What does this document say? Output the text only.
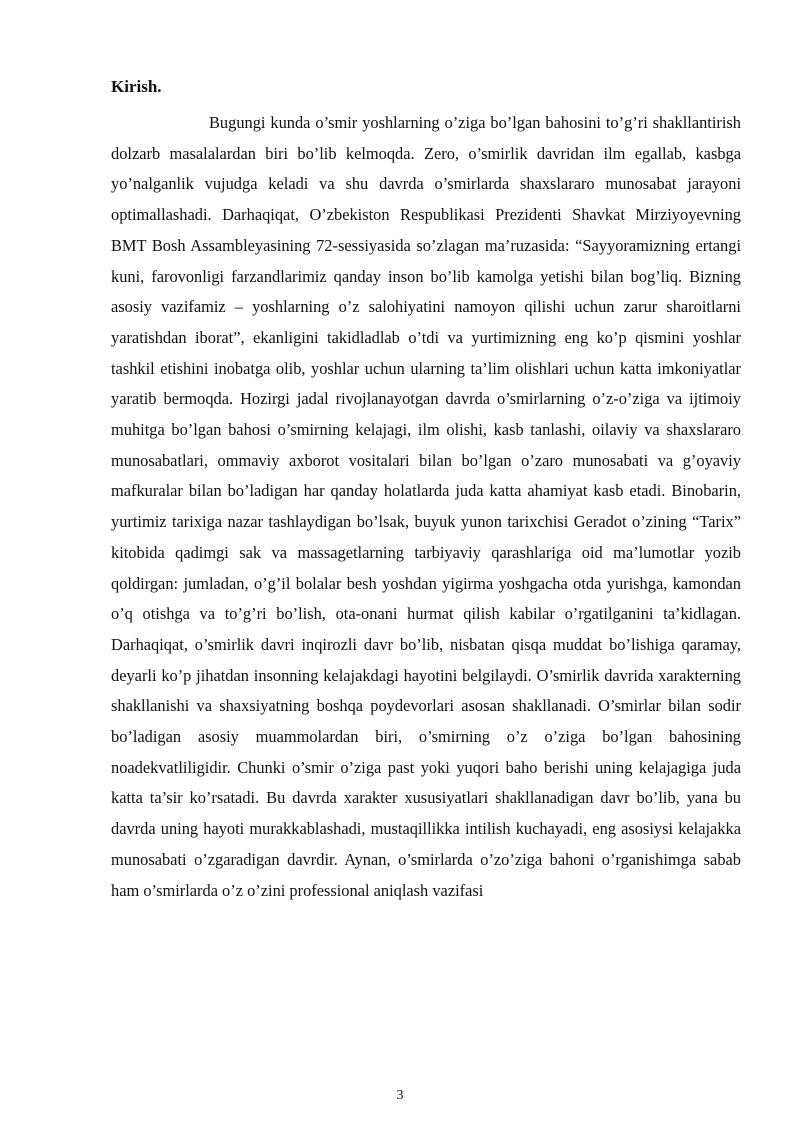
Kirish.

Bugungi kunda o’smir yoshlarning o’ziga bo’lgan bahosini to’g’ri shakllantirish dolzarb masalalardan biri bo’lib kelmoqda. Zero, o’smirlik davridan ilm egallab, kasbga yo’nalganlik vujudga keladi va shu davrda o’smirlarda shaxslararo munosabat jarayoni optimallashadi. Darhaqiqat, O’zbekiston Respublikasi Prezidenti Shavkat Mirziyoyevning BMT Bosh Assambleyasining 72-sessiyasida so’zlagan ma’ruzasida: “Sayyoramizning ertangi kuni, farovonligi farzandlarimiz qanday inson bo’lib kamolga yetishi bilan bog’liq. Bizning asosiy vazifamiz – yoshlarning o’z salohiyatini namoyon qilishi uchun zarur sharoitlarni yaratishdan iborat”, ekanligini takidladlab o’tdi va yurtimizning eng ko’p qismini yoshlar tashkil etishini inobatga olib, yoshlar uchun ularning ta’lim olishlari uchun katta imkoniyatlar yaratib bermoqda. Hozirgi jadal rivojlanayotgan davrda o’smirlarning o’z-o’ziga va ijtimoiy muhitga bo’lgan bahosi o’smirning kelajagi, ilm olishi, kasb tanlashi, oilaviy va shaxslararo munosabatlari, ommaviy axborot vositalari bilan bo’lgan o’zaro munosabati va g’oyaviy mafkuralar bilan bo’ladigan har qanday holatlarda juda katta ahamiyat kasb etadi. Binobarin, yurtimiz tarixiga nazar tashlaydigan bo’lsak, buyuk yunon tarixchisi Geradot o’zining “Tarix” kitobida qadimgi sak va massagetlarning tarbiyaviy qarashlariga oid ma’lumotlar yozib qoldirgan: jumladan, o’g’il bolalar besh yoshdan yigirma yoshgacha otda yurishga, kamondan o’q otishga va to’g’ri bo’lish, ota-onani hurmat qilish kabilar o’rgatilganini ta’kidlagan. Darhaqiqat, o’smirlik davri inqirozli davr bo’lib, nisbatan qisqa muddat bo’lishiga qaramay, deyarli ko’p jihatdan insonning kelajakdagi hayotini belgilaydi. O’smirlik davrida xarakterning shakllanishi va shaxsiyatning boshqa poydevorlari asosan shakllanadi. O’smirlar bilan sodir bo’ladigan asosiy muammolardan biri, o’smirning o’z o’ziga bo’lgan bahosining noadekvatliligidir. Chunki o’smir o’ziga past yoki yuqori baho berishi uning kelajagiga juda katta ta’sir ko’rsatadi. Bu davrda xarakter xususiyatlari shakllanadigan davr bo’lib, yana bu davrda uning hayoti murakkablashadi, mustaqillikka intilish kuchayadi, eng asosiysi kelajakka munosabati o’zgaradigan davrdir. Aynan, o’smirlarda o’zo’ziga bahoni o’rganishimga sabab ham o’smirlarda o’z o’zini professional aniqlash vazifasi

3
